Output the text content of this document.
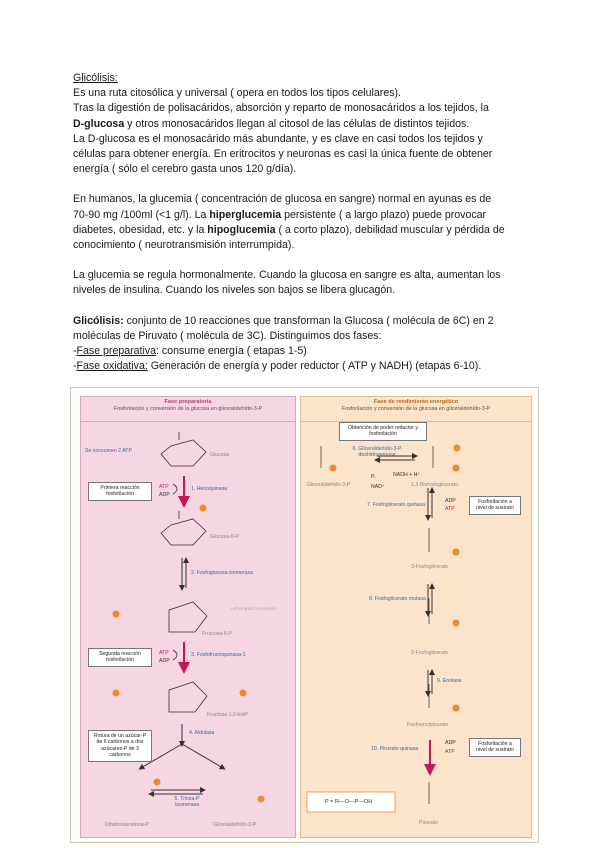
Glicólisis:

Es una ruta citosólica y universal ( opera en todos los tipos celulares).

Tras la digestión de polisacáridos, absorción y reparto de monosacáridos a los tejidos, la

D-glucosa y otros monosacáridos llegan al citosol de las células de distintos tejidos.

La D-glucosa es el monosacárido más abundante, y es clave en casi todos los tejidos y

células para obtener energía. En eritrocitos y neuronas es casi la única fuente de obtener

energía ( sólo el cerebro gasta unos 120 g/día).

En humanos, la glucemia ( concentración de glucosa en sangre) normal en ayunas es de

70-90 mg /100ml (<1 g/l). La hiperglucemia persistente ( a largo plazo) puede provocar

diabetes, obesidad, etc. y la hipoglucemia ( a corto plazo), debilidad muscular y pérdida de

conocimiento ( neurotransmisión interrumpida).

La glucemia se regula hormonalmente. Cuando la glucosa en sangre es alta, aumentan los

niveles de insulina. Cuando los niveles son bajos se libera glucagón.

Glicólisis: conjunto de 10 reacciones que transforman la Glucosa ( molécula de 6C) en 2

moléculas de Piruvato ( molécula de 3C). Distinguimos dos fases:

-Fase preparativa: consume energía ( etapas 1-5)

-Fase oxidativa: Generación de energía y poder reductor ( ATP y NADH) (etapas 6-10).

Fase preparatoria
Fosforilación y conversión de la glucosa en gliceraldehído-3-P
Fase de rendimiento energético
Fosforilación y conversión de la glucosa en gliceraldehído-3-P
Se consumen 2 ATP
Primera reacción fosforilación
ATP
ADP
1. Hexoquinasa
Glucosa
Glucosa-6-P
2. Fosfoglucosa isomerasa
Fructosa-6-P
Lehninger/Cox-Nelson
Segunda reacción fosforilación
ATP
ADP
3. Fosfofructoquinasa-1
Fructosa 1,6-bisP
Rotura de un azúcar-P de 6 carbonos a dos azúcares-P de 3 carbonos
4. Aldolasa
5. Triosa-P isomerasa
Dihidroxiacetona-P	Gliceraldehído-3-P
Obtención de poder reductor y fosforilación
6. Gliceraldehído-3-P deshidrogenasa
Pᵢ	NADH + H⁺
NAD⁺
Gliceraldehído-3-P	1,3-Bisfosfoglicerato
7. Fosfoglicerato quinasa
ADP
ATP
Fosforilación a nivel de sustrato
3-Fosfoglicerato
8. Fosfoglicerato mutasa
2-Fosfoglicerato
9. Enolasa
Fosfoenolpiruvato
10. Piruvato quinasa
ADP
ATP
Fosforilación a nivel de sustrato
Piruvato
P = R—O—P—OH
